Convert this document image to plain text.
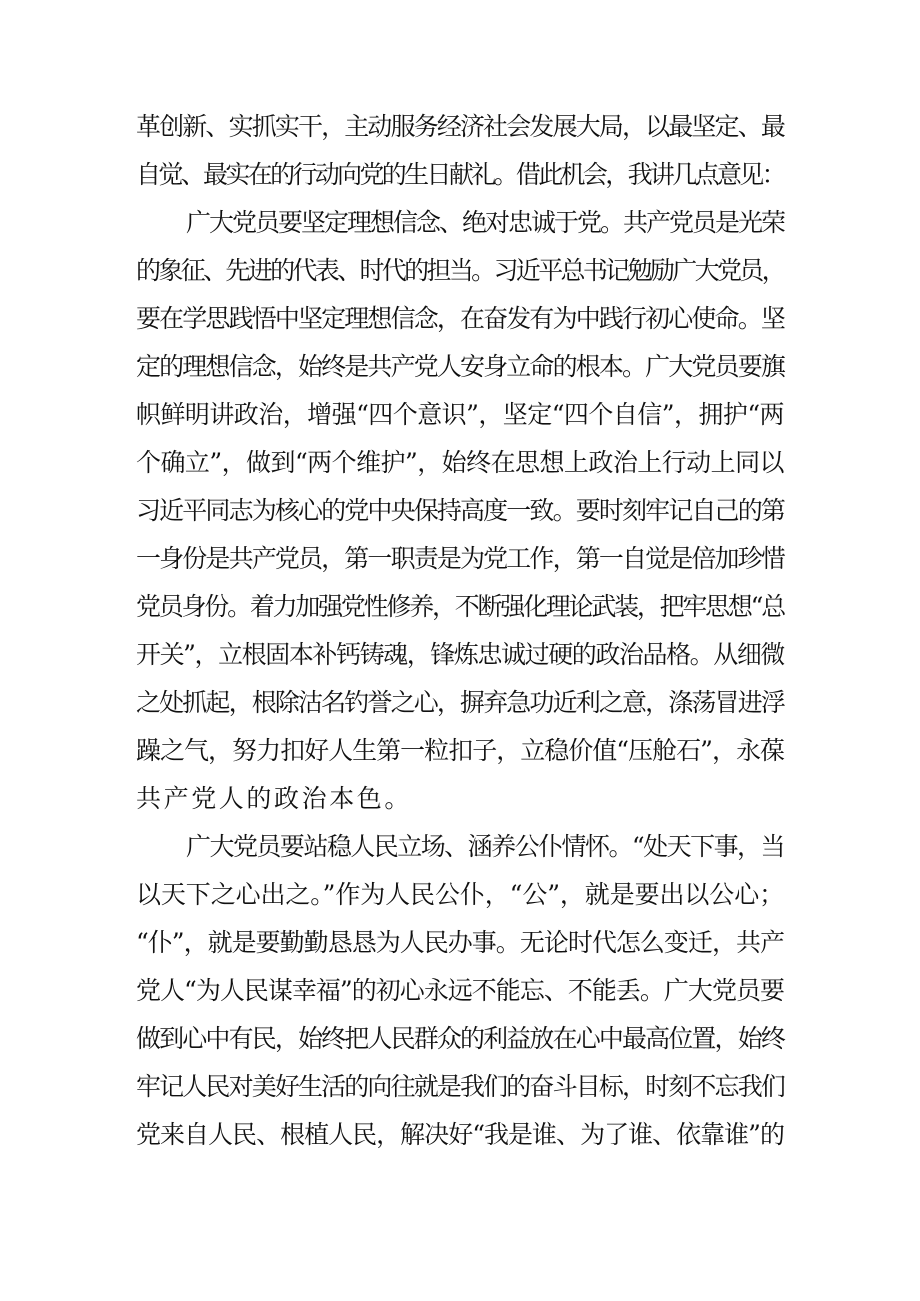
革创新、实抓实干，主动服务经济社会发展大局，以最坚定、最
自觉、最实在的行动向党的生日献礼。借此机会，我讲几点意见：
广大党员要坚定理想信念、绝对忠诚于党。共产党员是光荣
的象征、先进的代表、时代的担当。习近平总书记勉励广大党员，
要在学思践悟中坚定理想信念，在奋发有为中践行初心使命。坚
定的理想信念，始终是共产党人安身立命的根本。广大党员要旗
帜鲜明讲政治，增强“四个意识”，坚定“四个自信”，拥护“两
个确立”，做到“两个维护”，始终在思想上政治上行动上同以
习近平同志为核心的党中央保持高度一致。要时刻牢记自己的第
一身份是共产党员，第一职责是为党工作，第一自觉是倍加珍惜
党员身份。着力加强党性修养，不断强化理论武装，把牢思想“总
开关”，立根固本补钙铸魂，锋炼忠诚过硬的政治品格。从细微
之处抓起，根除沽名钓誉之心，摒弃急功近利之意，涤荡冒进浮
躁之气，努力扣好人生第一粒扣子，立稳价值“压舱石”，永葆
共产党人的政治本色。
广大党员要站稳人民立场、涵养公仆情怀。“处天下事，当
以天下之心出之。”作为人民公仆，“公”，就是要出以公心；
“仆”，就是要勤勤恳恳为人民办事。无论时代怎么变迁，共产
党人“为人民谋幸福”的初心永远不能忘、不能丢。广大党员要
做到心中有民，始终把人民群众的利益放在心中最高位置，始终
牢记人民对美好生活的向往就是我们的奋斗目标，时刻不忘我们
党来自人民、根植人民，解决好“我是谁、为了谁、依靠谁”的
